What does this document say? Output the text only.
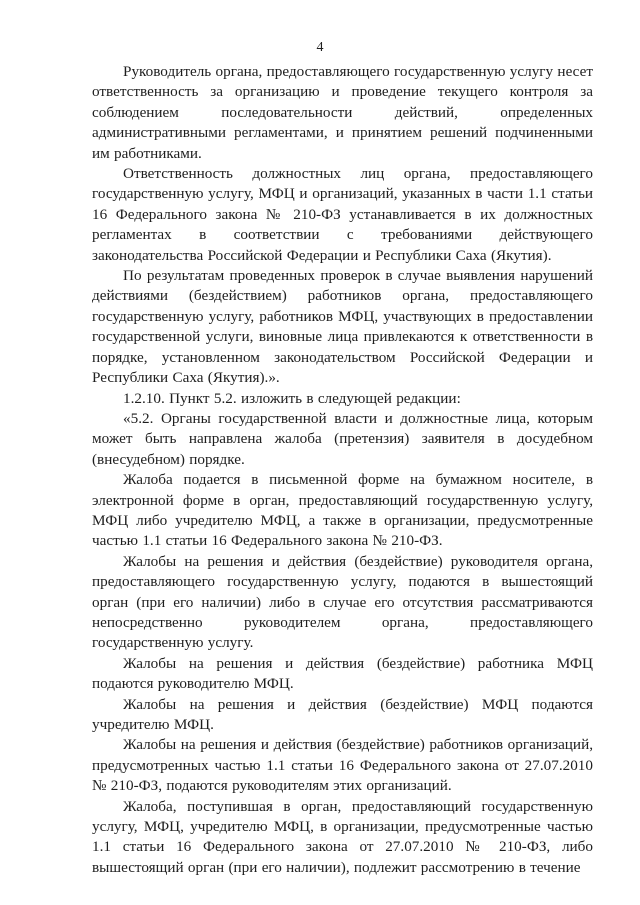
4

Руководитель органа, предоставляющего государственную услугу несет ответственность за организацию и проведение текущего контроля за соблюдением последовательности действий, определенных административными регламентами, и принятием решений подчиненными им работниками.

Ответственность должностных лиц органа, предоставляющего государственную услугу, МФЦ и организаций, указанных в части 1.1 статьи 16 Федерального закона № 210-ФЗ устанавливается в их должностных регламентах в соответствии с требованиями действующего законодательства Российской Федерации и Республики Саха (Якутия).

По результатам проведенных проверок в случае выявления нарушений действиями (бездействием) работников органа, предоставляющего государственную услугу, работников МФЦ, участвующих в предоставлении государственной услуги, виновные лица привлекаются к ответственности в порядке, установленном законодательством Российской Федерации и Республики Саха (Якутия).».

1.2.10. Пункт 5.2. изложить в следующей редакции:

«5.2. Органы государственной власти и должностные лица, которым может быть направлена жалоба (претензия) заявителя в досудебном (внесудебном) порядке.

Жалоба подается в письменной форме на бумажном носителе, в электронной форме в орган, предоставляющий государственную услугу, МФЦ либо учредителю МФЦ, а также в организации, предусмотренные частью 1.1 статьи 16 Федерального закона № 210-ФЗ.

Жалобы на решения и действия (бездействие) руководителя органа, предоставляющего государственную услугу, подаются в вышестоящий орган (при его наличии) либо в случае его отсутствия рассматриваются непосредственно руководителем органа, предоставляющего государственную услугу.

Жалобы на решения и действия (бездействие) работника МФЦ подаются руководителю МФЦ.

Жалобы на решения и действия (бездействие) МФЦ подаются учредителю МФЦ.

Жалобы на решения и действия (бездействие) работников организаций, предусмотренных частью 1.1 статьи 16 Федерального закона от 27.07.2010 № 210-ФЗ, подаются руководителям этих организаций.

Жалоба, поступившая в орган, предоставляющий государственную услугу, МФЦ, учредителю МФЦ, в организации, предусмотренные частью 1.1 статьи 16 Федерального закона от 27.07.2010 № 210-ФЗ, либо вышестоящий орган (при его наличии), подлежит рассмотрению в течение
